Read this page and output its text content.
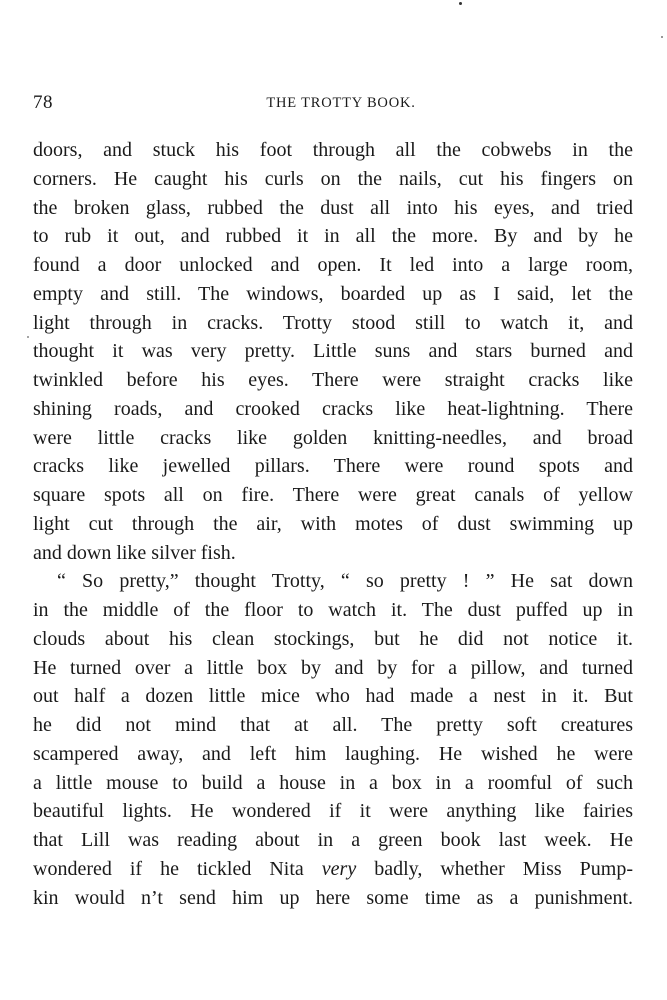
78	THE TROTTY BOOK.
doors, and stuck his foot through all the cobwebs in the
corners. He caught his curls on the nails, cut his fingers on
the broken glass, rubbed the dust all into his eyes, and tried
to rub it out, and rubbed it in all the more. By and by he
found a door unlocked and open. It led into a large room,
empty and still. The windows, boarded up as I said, let the
light through in cracks. Trotty stood still to watch it, and
thought it was very pretty. Little suns and stars burned and
twinkled before his eyes. There were straight cracks like
shining roads, and crooked cracks like heat-lightning. There
were little cracks like golden knitting-needles, and broad
cracks like jewelled pillars. There were round spots and
square spots all on fire. There were great canals of yellow
light cut through the air, with motes of dust swimming up
and down like silver fish.
“ So pretty,” thought Trotty, “ so pretty ! ” He sat down
in the middle of the floor to watch it. The dust puffed up in
clouds about his clean stockings, but he did not notice it.
He turned over a little box by and by for a pillow, and turned
out half a dozen little mice who had made a nest in it. But
he did not mind that at all. The pretty soft creatures
scampered away, and left him laughing. He wished he were
a little mouse to build a house in a box in a roomful of such
beautiful lights. He wondered if it were anything like fairies
that Lill was reading about in a green book last week. He
wondered if he tickled Nita very badly, whether Miss Pump-
kin would n’t send him up here some time as a punishment.
